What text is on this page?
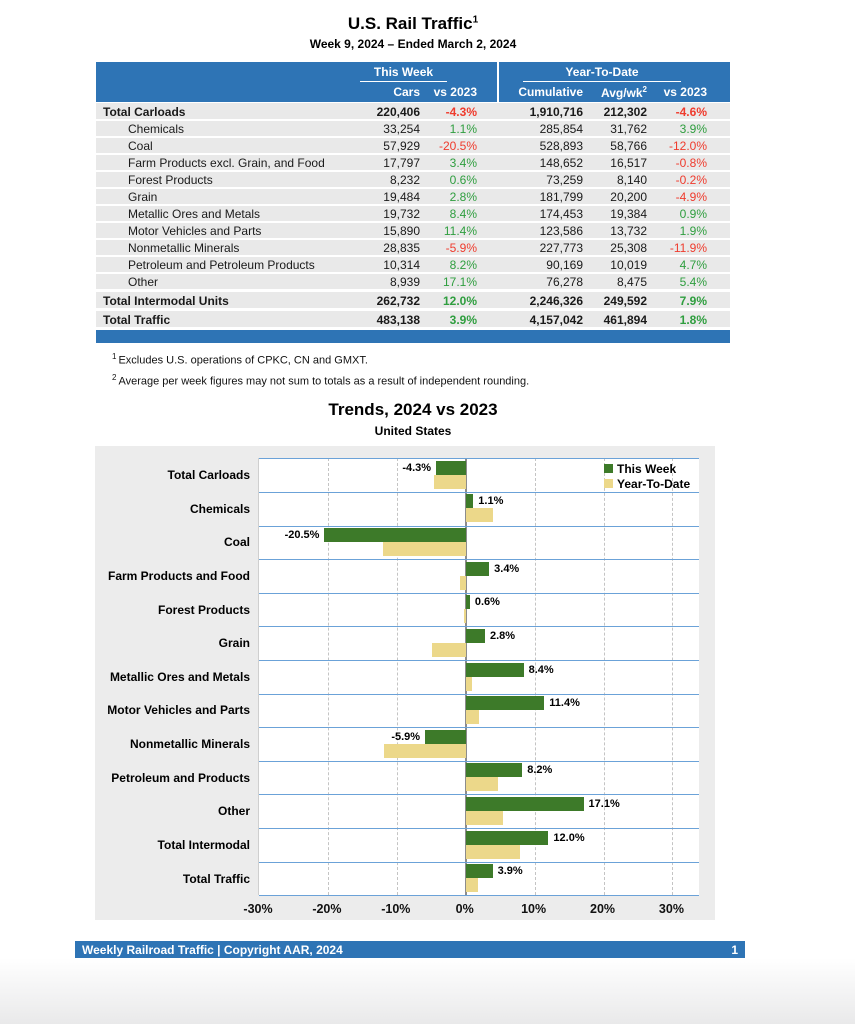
U.S. Rail Traffic$^1$
Week 9, 2024 – Ended March 2, 2024
This Week	Year-To-Date
Cars	vs 2023	Cumulative	Avg/$wk^2$	vs 2023
Total Carloads	220,406	-4.3%	1,910,716	212,302	-4.6%
Chemicals	33,254	1.1%	285,854	31,762	3.9%
Coal	57,929	-20.5%	528,893	58,766	-12.0%
Farm Products excl. Grain, and Food	17,797	3.4%	148,652	16,517	-0.8%
Forest Products	8,232	0.6%	73,259	8,140	-0.2%
Grain	19,484	2.8%	181,799	20,200	-4.9%
Metallic Ores and Metals	19,732	8.4%	174,453	19,384	0.9%
Motor Vehicles and Parts	15,890	11.4%	123,586	13,732	1.9%
Nonmetallic Minerals	28,835	-5.9%	227,773	25,308	-11.9%
Petroleum and Petroleum Products	10,314	8.2%	90,169	10,019	4.7%
Other	8,939	17.1%	76,278	8,475	5.4%
Total Intermodal Units	262,732	12.0%	2,246,326	249,592	7.9%
Total Traffic	483,138	3.9%	4,157,042	461,894	1.8%
$^1$ Excludes U.S. operations of CPKC, CN and GMXT.
$^2$ Average per week figures may not sum to totals as a result of independent rounding.
Trends, 2024 vs 2023
United States
-4.3%
1.1%
-20.5%
3.4%
0.6%
2.8%
8.4%
11.4%
-5.9%
8.2%
17.1%
12.0%
3.9%
This Week
Year-To-Date
Total Carloads
Chemicals
Coal
Farm Products and Food
Forest Products
Grain
Metallic Ores and Metals
Motor Vehicles and Parts
Nonmetallic Minerals
Petroleum and Products
Other
Total Intermodal
Total Traffic
-30%	-20%	-10%	0%	10%	20%	30%
Weekly Railroad Traffic | Copyright AAR, 2024	1
